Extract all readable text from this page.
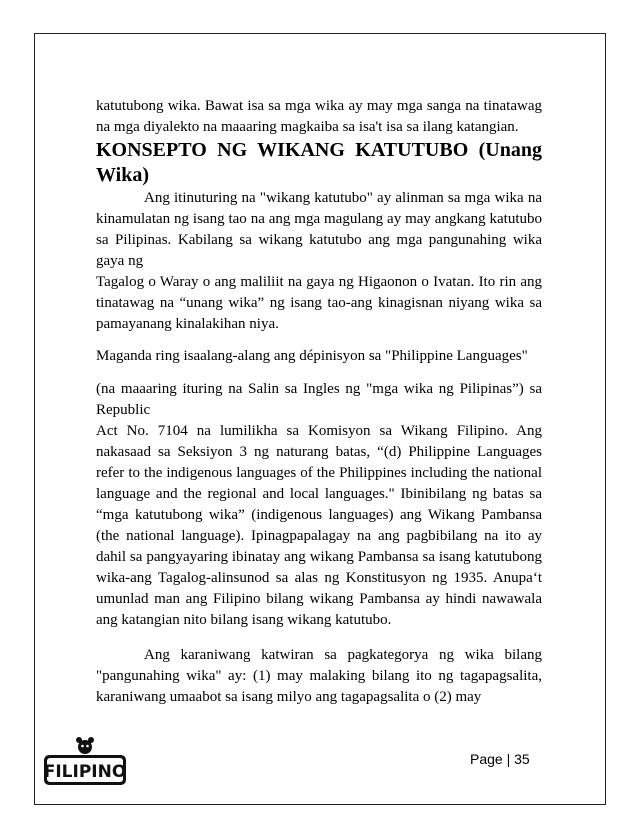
katutubong wika. Bawat isa sa mga wika ay may mga sanga na tinatawag na mga diyalekto na maaaring magkaiba sa isa't isa sa ilang katangian.

KONSEPTO NG WIKANG KATUTUBO (Unang Wika)

Ang itinuturing na "wikang katutubo" ay alinman sa mga wika na kinamulatan ng isang tao na ang mga magulang ay may angkang katutubo sa Pilipinas. Kabilang sa wikang katutubo ang mga pangunahing wika gaya ng

Tagalog o Waray o ang maliliit na gaya ng Higaonon o Ivatan. Ito rin ang tinatawag na “unang wika” ng isang tao-ang kinagisnan niyang wika sa pamayanang kinalakihan niya.

Maganda ring isaalang-alang ang dépinisyon sa "Philippine Languages"

(na maaaring ituring na Salin sa Ingles ng "mga wika ng Pilipinas”) sa Republic

Act No. 7104 na lumilikha sa Komisyon sa Wikang Filipino. Ang nakasaad sa Seksiyon 3 ng naturang batas, “(d) Philippine Languages refer to the indigenous languages of the Philippines including the national language and the regional and local languages." Ibinibilang ng batas sa “mga katutubong wika” (indigenous languages) ang Wikang Pambansa (the national language). Ipinagpapalagay na ang pagbibilang na ito ay dahil sa pangyayaring ibinatay ang wikang Pambansa sa isang katutubong wika-ang Tagalog-alinsunod sa alas ng Konstitusyon ng 1935. Anupa‘t umunlad man ang Filipino bilang wikang Pambansa ay hindi nawawala ang katangian nito bilang isang wikang katutubo.

Ang karaniwang katwiran sa pagkategorya ng wika bilang "pangunahing wika" ay: (1) may malaking bilang ito ng tagapagsalita, karaniwang umaabot sa isang milyo ang tagapagsalita o (2) may

FILIPINO
Page | 35
